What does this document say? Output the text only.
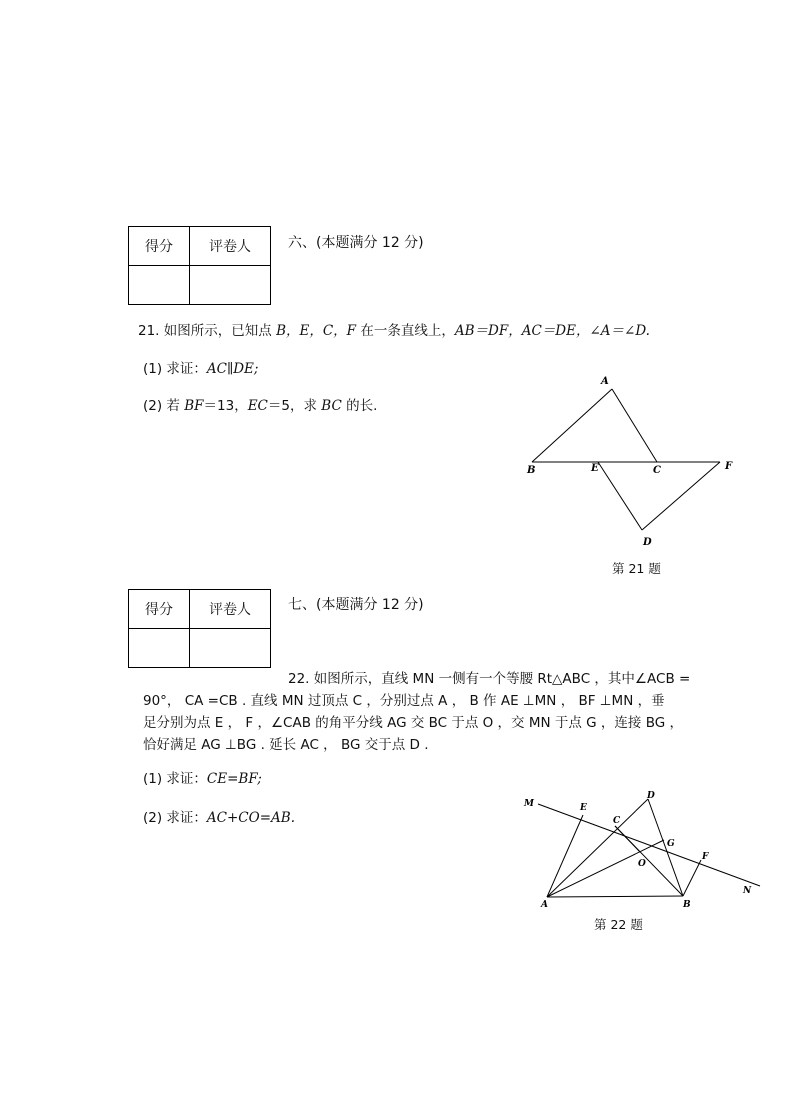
得分	评卷人
		六、(本题满分 12 分)
21. 如图所示，已知点 B，E，C，F 在一条直线上，AB＝DF，AC＝DE，∠A＝∠D.
(1) 求证：AC∥DE;
(2) 若 BF＝13，EC＝5，求 BC 的长.
A
B	E	C	F
D
M	E
D
C
G
F
O
N
A	B
第 21 题
得分	评卷人
		七、(本题满分 12 分)
22. 如图所示，直线 MN 一侧有一个等腰 Rt△ABC ，其中∠ACB =
90°， CA =CB . 直线 MN 过顶点 C ，分别过点 A ， B 作 AE ⊥MN ， BF ⊥MN ，垂
足分别为点 E ， F ，∠CAB 的角平分线 AG 交 BC 于点 O ，交 MN 于点 G ，连接 BG ，
恰好满足 AG ⊥BG . 延长 AC ， BG 交于点 D .
(1) 求证：CE=BF;
(2) 求证：AC+CO=AB.
第 22 题
